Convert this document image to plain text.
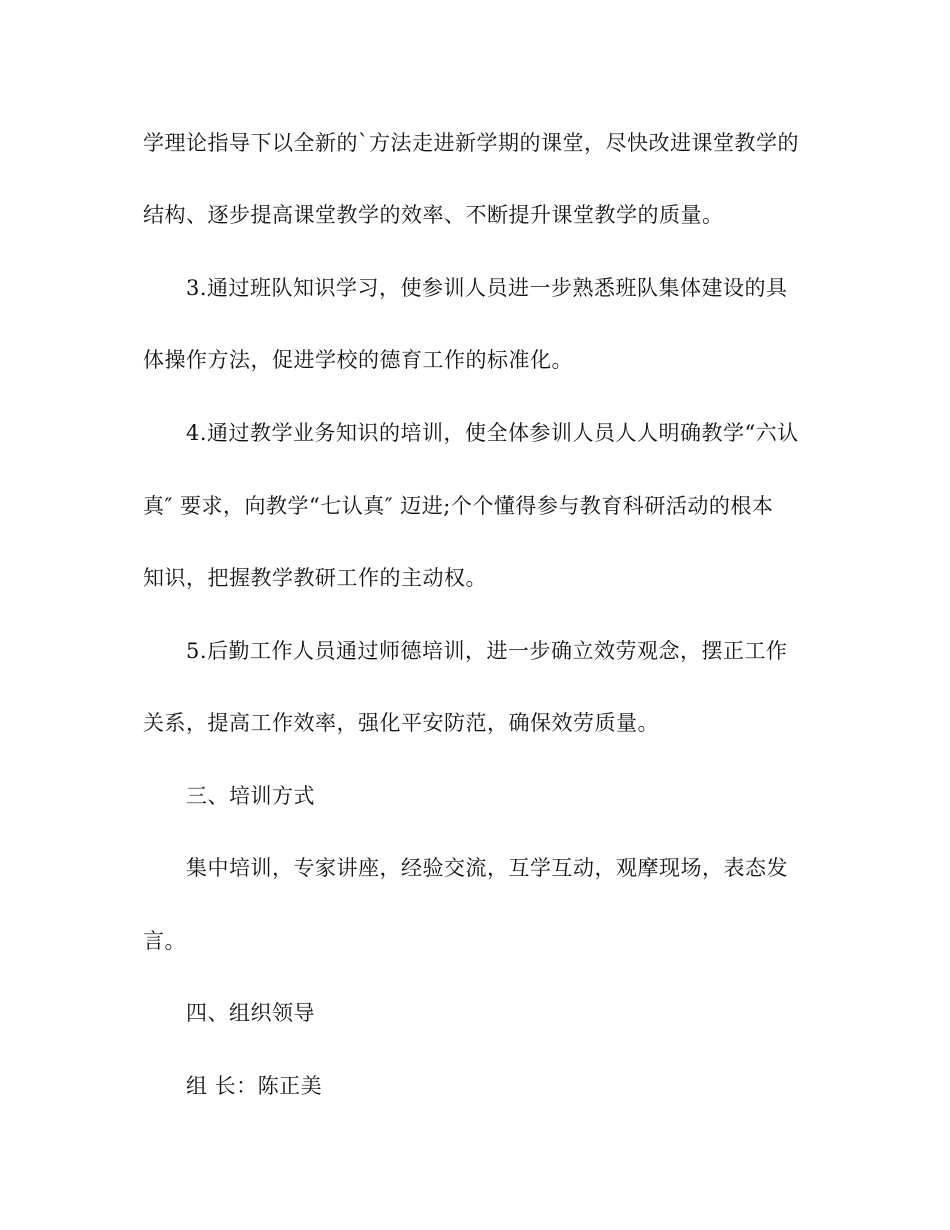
学理论指导下以全新的`方法走进新学期的课堂，尽快改进课堂教学的
结构、逐步提高课堂教学的效率、不断提升课堂教学的质量。
3.通过班队知识学习，使参训人员进一步熟悉班队集体建设的具
体操作方法，促进学校的德育工作的标准化。
4.通过教学业务知识的培训，使全体参训人员人人明确教学“六认
真″ 要求，向教学“七认真″ 迈进;个个懂得参与教育科研活动的根本
知识，把握教学教研工作的主动权。
5.后勤工作人员通过师德培训，进一步确立效劳观念，摆正工作
关系，提高工作效率，强化平安防范，确保效劳质量。
三、培训方式
集中培训，专家讲座，经验交流，互学互动，观摩现场，表态发
言。
四、组织领导
组 长：陈正美
